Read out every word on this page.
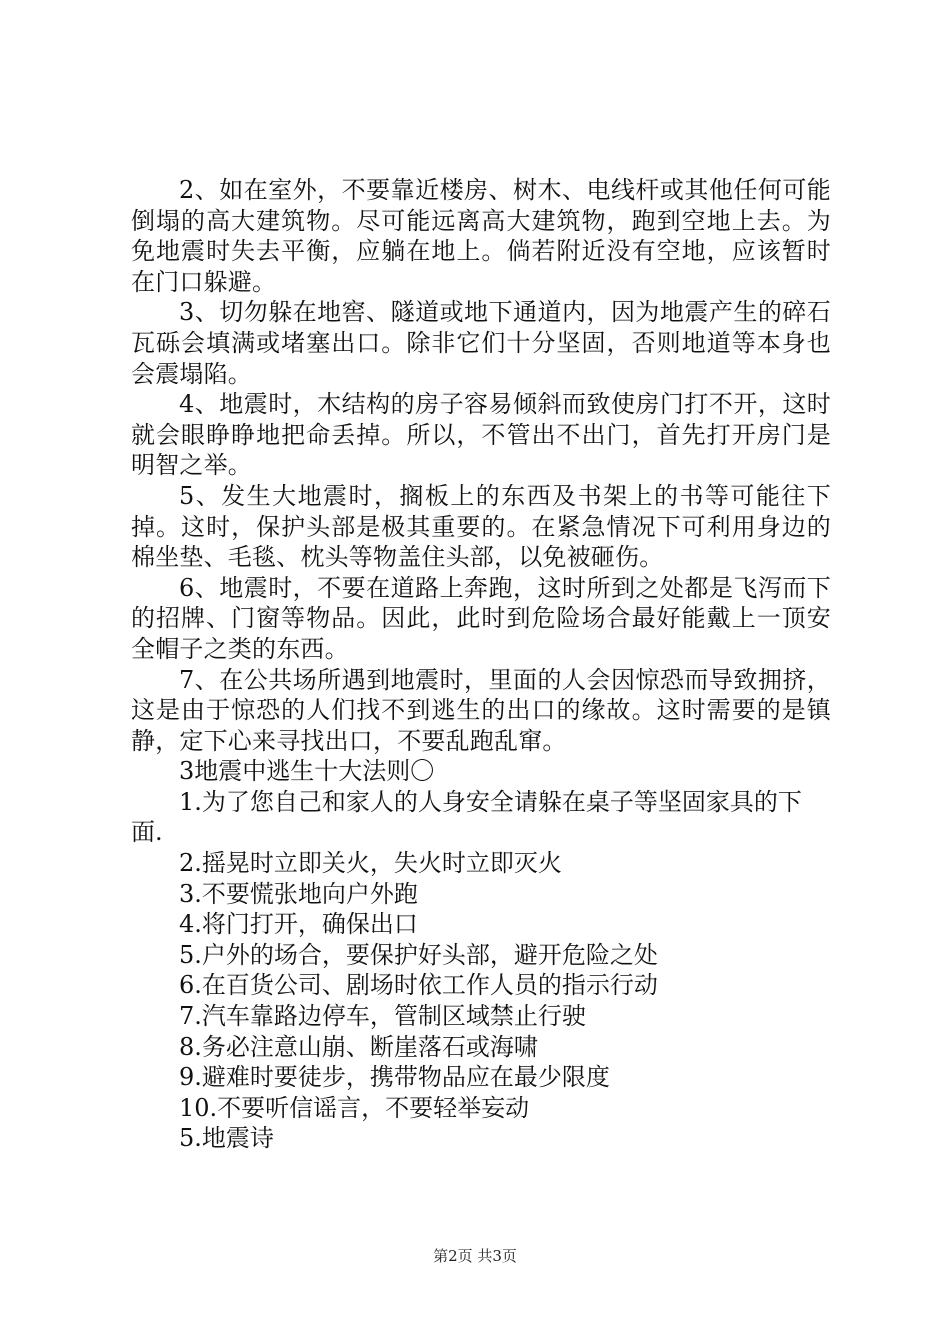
2、如在室外，不要靠近楼房、树木、电线杆或其他任何可能倒塌的高大建筑物。尽可能远离高大建筑物，跑到空地上去。为免地震时失去平衡，应躺在地上。倘若附近没有空地，应该暂时在门口躲避。

3、切勿躲在地窖、隧道或地下通道内，因为地震产生的碎石瓦砾会填满或堵塞出口。除非它们十分坚固，否则地道等本身也会震塌陷。

4、地震时，木结构的房子容易倾斜而致使房门打不开，这时就会眼睁睁地把命丢掉。所以，不管出不出门，首先打开房门是明智之举。

5、发生大地震时，搁板上的东西及书架上的书等可能往下掉。这时，保护头部是极其重要的。在紧急情况下可利用身边的棉坐垫、毛毯、枕头等物盖住头部，以免被砸伤。

6、地震时，不要在道路上奔跑，这时所到之处都是飞泻而下的招牌、门窗等物品。因此，此时到危险场合最好能戴上一顶安全帽子之类的东西。

7、在公共场所遇到地震时，里面的人会因惊恐而导致拥挤，这是由于惊恐的人们找不到逃生的出口的缘故。这时需要的是镇静，定下心来寻找出口，不要乱跑乱窜。

3地震中逃生十大法则〇

1.为了您自己和家人的人身安全请躲在桌子等坚固家具的下面.

2.摇晃时立即关火，失火时立即灭火

3.不要慌张地向户外跑

4.将门打开，确保出口

5.户外的场合，要保护好头部，避开危险之处

6.在百货公司、剧场时依工作人员的指示行动

7.汽车靠路边停车，管制区域禁止行驶

8.务必注意山崩、断崖落石或海啸

9.避难时要徒步，携带物品应在最少限度

10.不要听信谣言，不要轻举妄动

5.地震诗

第2页 共3页
